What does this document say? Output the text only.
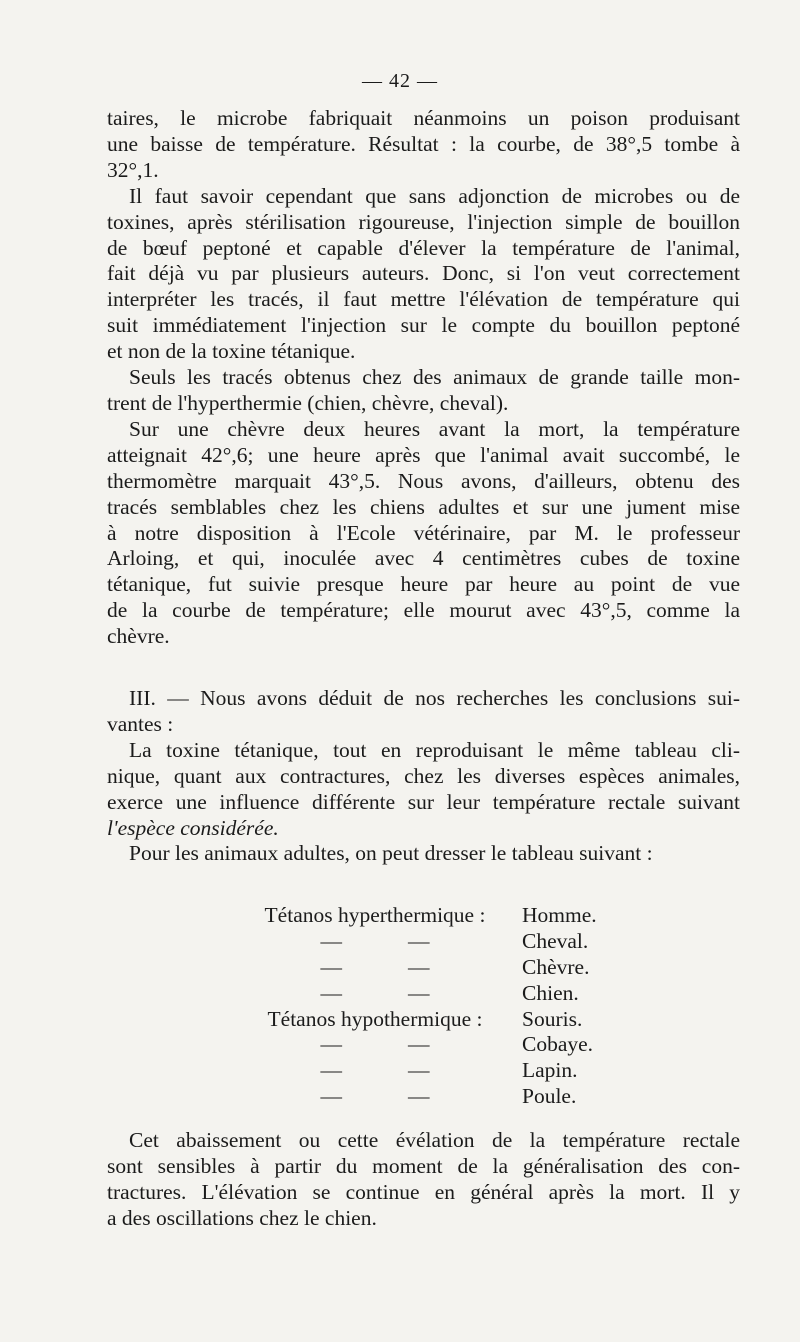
— 42 —
taires, le microbe fabriquait néanmoins un poison produisant
une baisse de température. Résultat : la courbe, de 38°,5 tombe à
32°,1.
Il faut savoir cependant que sans adjonction de microbes ou de
toxines, après stérilisation rigoureuse, l'injection simple de bouillon
de bœuf peptoné et capable d'élever la température de l'animal,
fait déjà vu par plusieurs auteurs. Donc, si l'on veut correctement
interpréter les tracés, il faut mettre l'élévation de température qui
suit immédiatement l'injection sur le compte du bouillon peptoné
et non de la toxine tétanique.
Seuls les tracés obtenus chez des animaux de grande taille mon-
trent de l'hyperthermie (chien, chèvre, cheval).
Sur une chèvre deux heures avant la mort, la température
atteignait 42°,6; une heure après que l'animal avait succombé, le
thermomètre marquait 43°,5. Nous avons, d'ailleurs, obtenu des
tracés semblables chez les chiens adultes et sur une jument mise
à notre disposition à l'Ecole vétérinaire, par M. le professeur
Arloing, et qui, inoculée avec 4 centimètres cubes de toxine
tétanique, fut suivie presque heure par heure au point de vue
de la courbe de température; elle mourut avec 43°,5, comme la
chèvre.
III. — Nous avons déduit de nos recherches les conclusions sui-
vantes :
La toxine tétanique, tout en reproduisant le même tableau cli-
nique, quant aux contractures, chez les diverses espèces animales,
exerce une influence différente sur leur température rectale suivant
l'espèce considérée.
Pour les animaux adultes, on peut dresser le tableau suivant :
Tétanos hyperthermique :	Homme.
—	—	Cheval.
—	—	Chèvre.
—	—	Chien.
Tétanos hypothermique :	Souris.
—	—	Cobaye.
—	—	Lapin.
—	—	Poule.
Cet abaissement ou cette évélation de la température rectale
sont sensibles à partir du moment de la généralisation des con-
tractures. L'élévation se continue en général après la mort. Il y
a des oscillations chez le chien.
